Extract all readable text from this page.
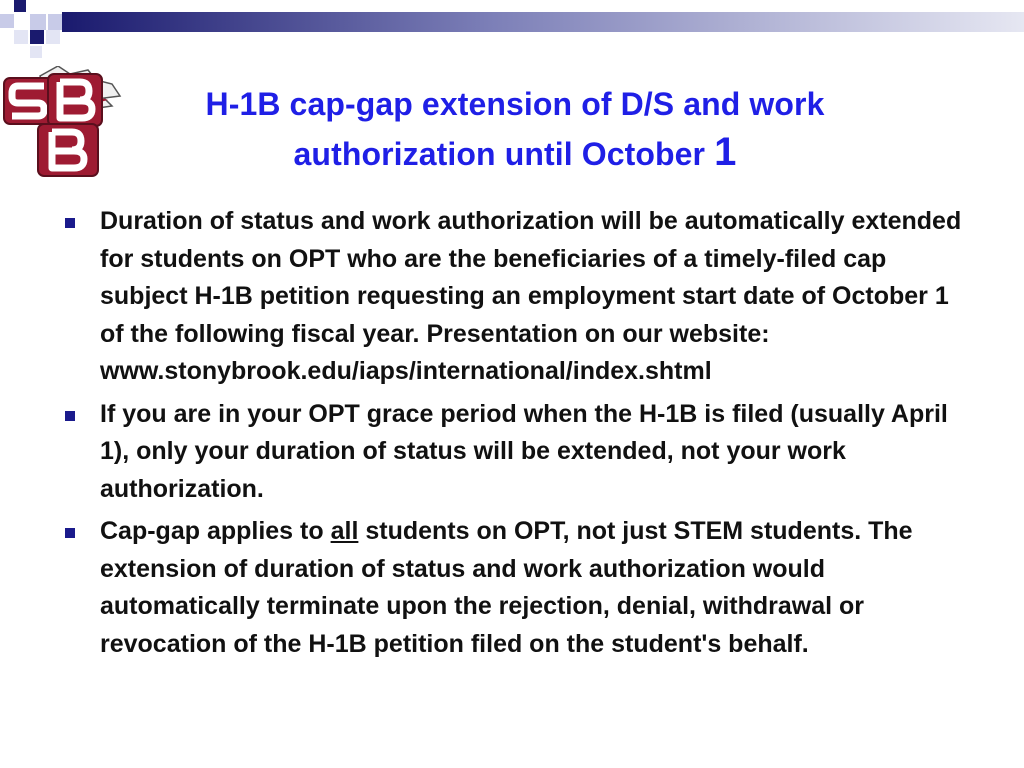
H-1B cap-gap extension of D/S and work authorization until October 1
Duration of status and work authorization will be automatically extended for students on OPT who are the beneficiaries of a timely-filed cap subject H-1B petition requesting an employment start date of October 1 of the following fiscal year. Presentation on our website: www.stonybrook.edu/iaps/international/index.shtml
If you are in your OPT grace period when the H-1B is filed (usually April 1), only your duration of status will be extended, not your work authorization.
Cap-gap applies to all students on OPT, not just STEM students. The extension of duration of status and work authorization would automatically terminate upon the rejection, denial, withdrawal or revocation of the H-1B petition filed on the student's behalf.
